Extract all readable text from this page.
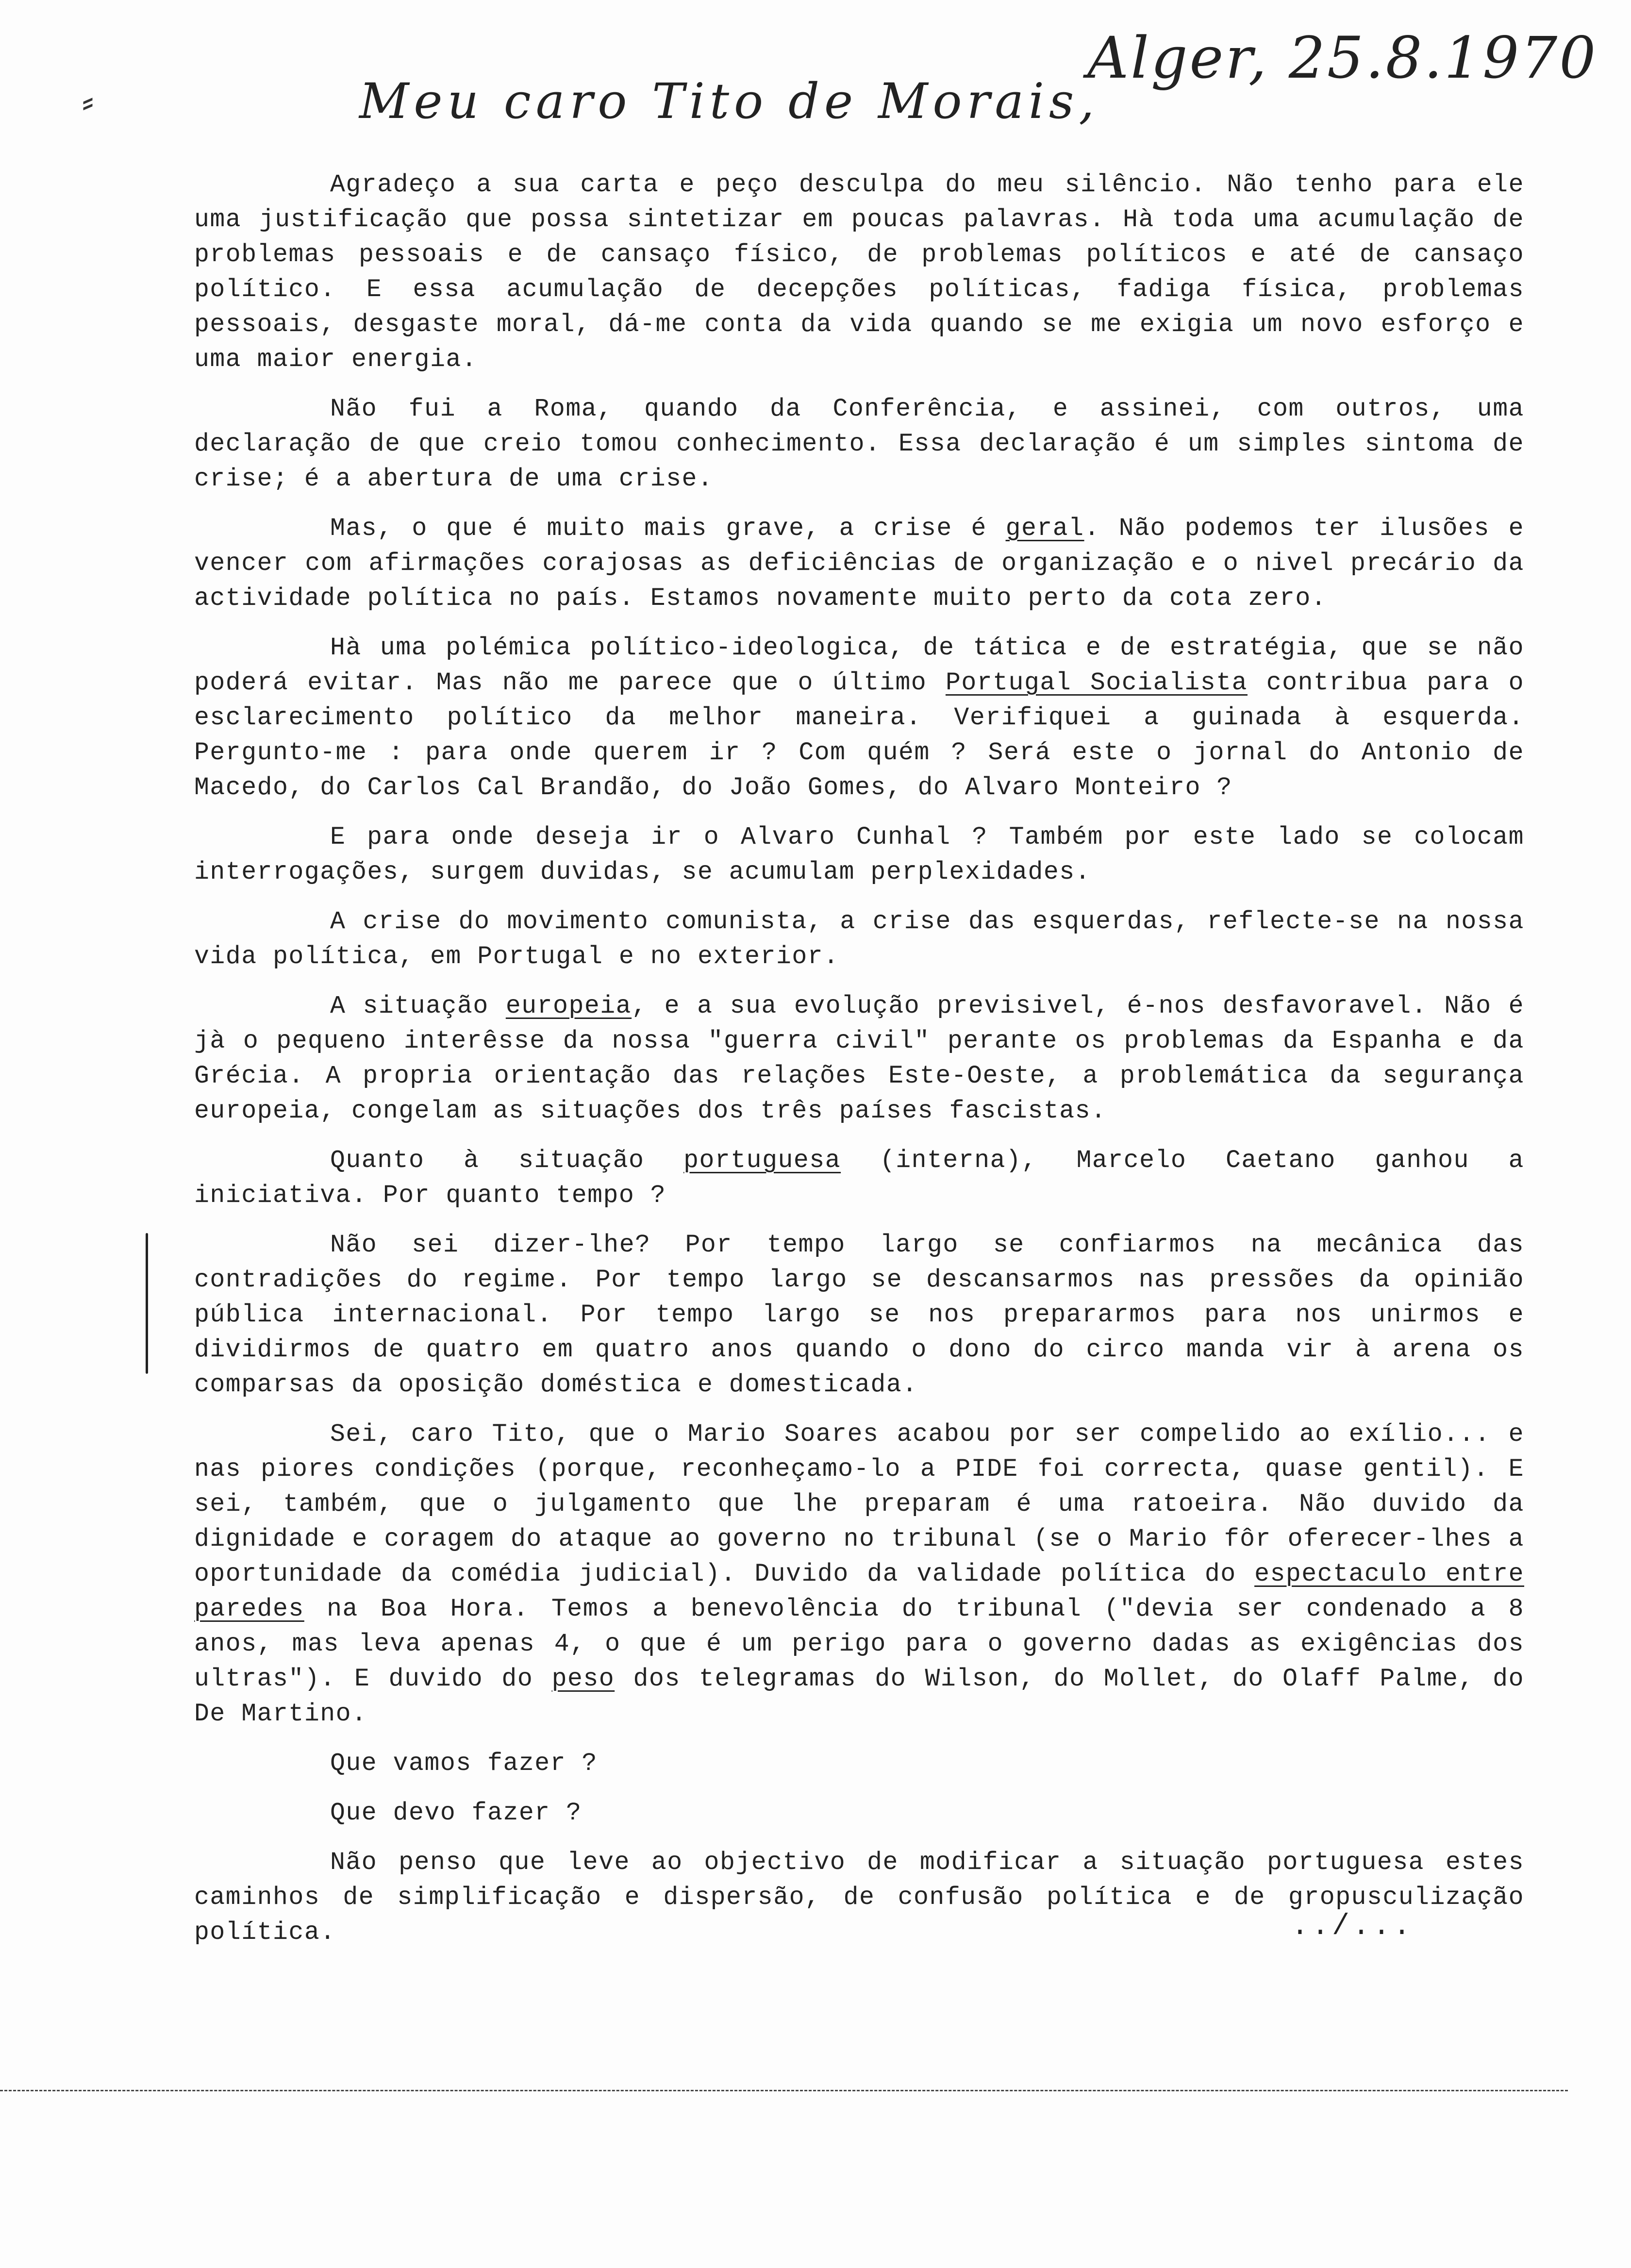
⸗
Alger, 25.8.1970
Meu caro Tito de Morais,

Agradeço a sua carta e peço desculpa do meu silêncio. Não tenho para ele uma justificação que possa sintetizar em poucas palavras. Hà toda uma acumulação de problemas pessoais e de cansaço físico, de problemas políticos e até de cansaço político. E essa acumulação de decepções políticas, fadiga física, problemas pessoais, desgaste moral, dá-me conta da vida quando se me exigia um novo esforço e uma maior energia.

Não fui a Roma, quando da Conferência, e assinei, com outros, uma declaração de que creio tomou conhecimento. Essa declaração é um simples sintoma de crise; é a abertura de uma crise.

Mas, o que é muito mais grave, a crise é geral. Não podemos ter ilusões e vencer com afirmações corajosas as deficiências de organização e o nivel precário da actividade política no país. Estamos novamente muito perto da cota zero.

Hà uma polémica político-ideologica, de tática e de estratégia, que se não poderá evitar. Mas não me parece que o último Portugal Socialista contribua para o esclarecimento político da melhor maneira. Verifiquei a guinada à esquerda. Pergunto-me : para onde querem ir ? Com quém ? Será este o jornal do Antonio de Macedo, do Carlos Cal Brandão, do João Gomes, do Alvaro Monteiro ?

E para onde deseja ir o Alvaro Cunhal ? Também por este lado se colocam interrogações, surgem duvidas, se acumulam perplexidades.

A crise do movimento comunista, a crise das esquerdas, reflecte-se na nossa vida política, em Portugal e no exterior.

A situação europeia, e a sua evolução previsivel, é-nos desfavoravel. Não é jà o pequeno interêsse da nossa "guerra civil" perante os problemas da Espanha e da Grécia. A propria orientação das relações Este-Oeste, a problemática da segurança europeia, congelam as situações dos três países fascistas.

Quanto à situação portuguesa (interna), Marcelo Caetano ganhou a iniciativa. Por quanto tempo ?

Não sei dizer-lhe? Por tempo largo se confiarmos na mecânica das contradições do regime. Por tempo largo se descansarmos nas pressões da opinião pública internacional. Por tempo largo se nos prepararmos para nos unirmos e dividirmos de quatro em quatro anos quando o dono do circo manda vir à arena os comparsas da oposição doméstica e domesticada.

Sei, caro Tito, que o Mario Soares acabou por ser compelido ao exílio... e nas piores condições (porque, reconheçamo-lo a PIDE foi correcta, quase gentil). E sei, também, que o julgamento que lhe preparam é uma ratoeira. Não duvido da dignidade e coragem do ataque ao governo no tribunal (se o Mario fôr oferecer-lhes a oportunidade da comédia judicial). Duvido da validade política do espectaculo entre paredes na Boa Hora. Temos a benevolência do tribunal ("devia ser condenado a 8 anos, mas leva apenas 4, o que é um perigo para o governo dadas as exigências dos ultras"). E duvido do peso dos telegramas do Wilson, do Mollet, do Olaff Palme, do De Martino.

Que vamos fazer ?

Que devo fazer ?

Não penso que leve ao objectivo de modificar a situação portuguesa estes caminhos de simplificação e dispersão, de confusão política e de gropusculização política.	../...
